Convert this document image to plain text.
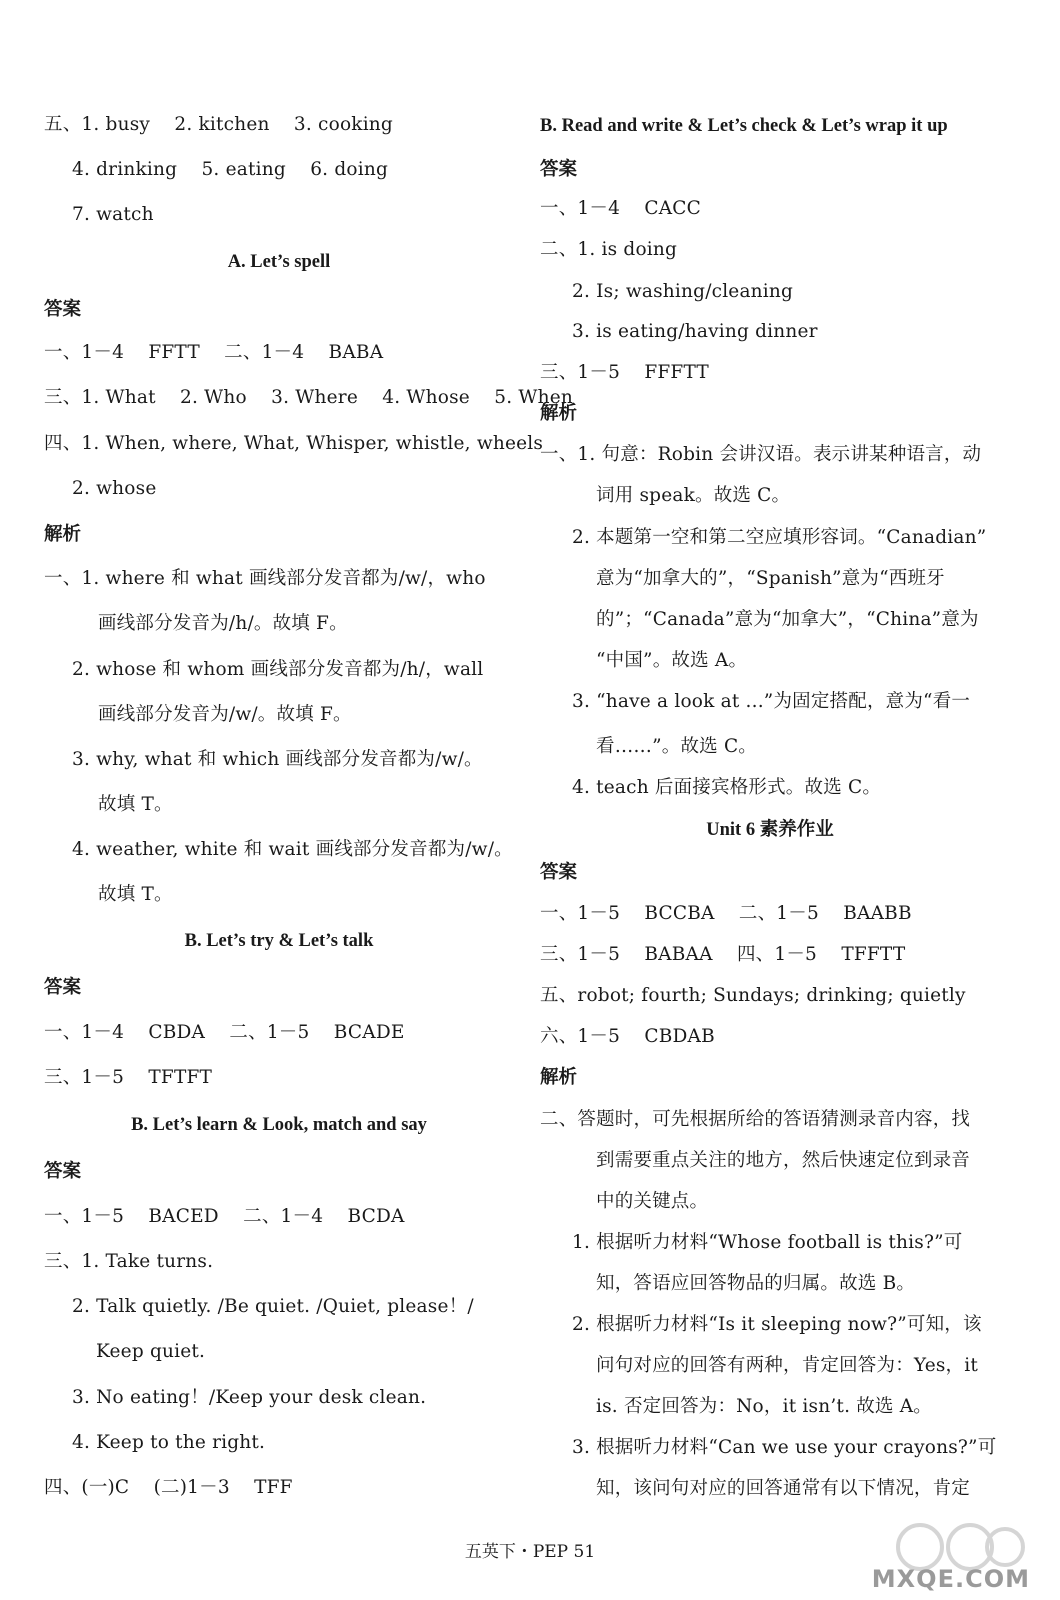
五、1. busy    2. kitchen    3. cooking
4. drinking    5. eating    6. doing
7. watch
一、1－4    FFTT    二、1－4    BABA
三、1. What    2. Who    3. Where    4. Whose    5. When
四、1. When, where, What, Whisper, whistle, wheels
2. whose
一、1. where 和 what 画线部分发音都为/w/，who
画线部分发音为/h/。故填 F。
2. whose 和 whom 画线部分发音都为/h/，wall
画线部分发音为/w/。故填 F。
3. why, what 和 which 画线部分发音都为/w/。
故填 T。
4. weather, white 和 wait 画线部分发音都为/w/。
故填 T。
一、1－4    CBDA    二、1－5    BCADE
三、1－5    TFTFT
一、1－5    BACED    二、1－4    BCDA
三、1. Take turns.
2. Talk quietly. /Be quiet. /Quiet, please！/
Keep quiet.
3. No eating！/Keep your desk clean.
4. Keep to the right.
四、(一)C    (二)1－3    TFF
A. Let’s spell
B. Let’s try & Let’s talk
B. Let’s learn & Look, match and say
答案
解析
答案
答案
一、1－4    CACC
二、1. is doing
2. Is; washing/cleaning
3. is eating/having dinner
三、1－5    FFFTT
一、1. 句意：Robin 会讲汉语。表示讲某种语言，动
词用 speak。故选 C。
2. 本题第一空和第二空应填形容词。“Canadian”
意为“加拿大的”，“Spanish”意为“西班牙
的”；“Canada”意为“加拿大”，“China”意为
“中国”。故选 A。
3. “have a look at ...”为固定搭配，意为“看一
看……”。故选 C。
4. teach 后面接宾格形式。故选 C。
一、1－5    BCCBA    二、1－5    BAABB
三、1－5    BABAA    四、1－5    TFFTT
五、robot; fourth; Sundays; drinking; quietly
六、1－5    CBDAB
二、答题时，可先根据所给的答语猜测录音内容，找
到需要重点关注的地方，然后快速定位到录音
中的关键点。
1. 根据听力材料“Whose football is this?”可
知，答语应回答物品的归属。故选 B。
2. 根据听力材料“Is it sleeping now?”可知，该
问句对应的回答有两种，肯定回答为：Yes，it
is. 否定回答为：No，it isn’t. 故选 A。
3. 根据听力材料“Can we use your crayons?”可
知，该问句对应的回答通常有以下情况，肯定
B. Read and write & Let’s check & Let’s wrap it up
Unit 6 素养作业
答案
解析
答案
解析
五英下・PEP 51
MXQE.COM
